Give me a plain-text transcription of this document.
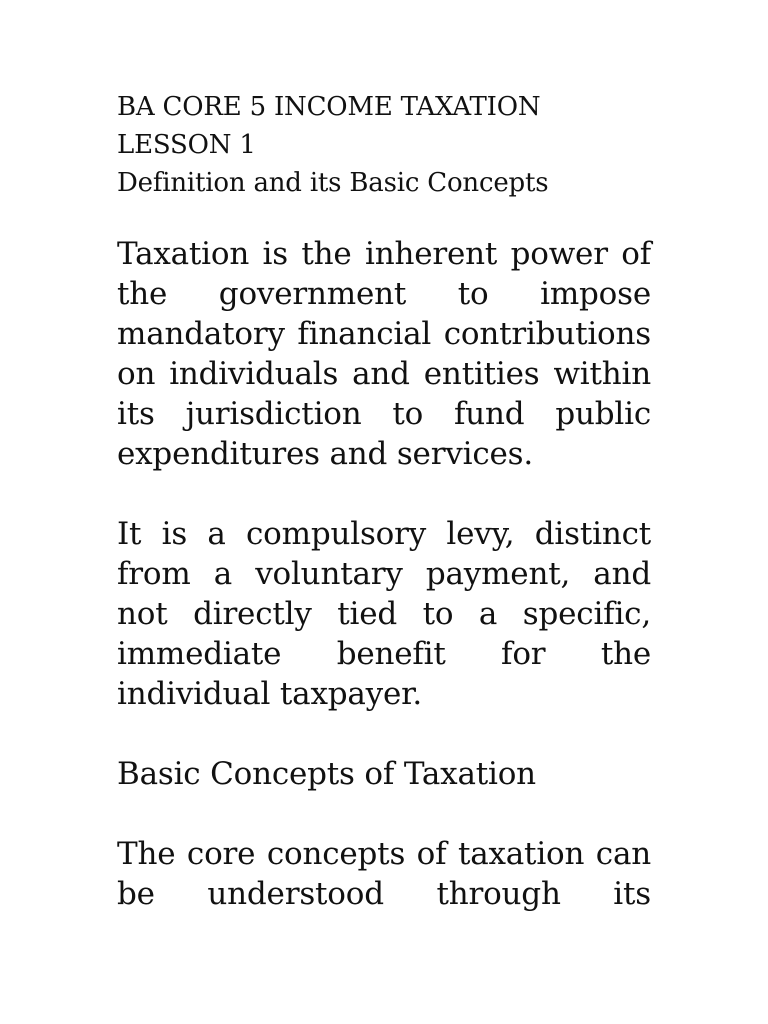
BA CORE 5 INCOME TAXATION
LESSON 1
Definition and its Basic Concepts

Taxation is the inherent power of the government to impose mandatory financial contributions on individuals and entities within its jurisdiction to fund public expenditures and services.

It is a compulsory levy, distinct from a voluntary payment, and not directly tied to a specific, immediate benefit for the individual taxpayer.

Basic Concepts of Taxation

The core concepts of taxation can be understood through its
